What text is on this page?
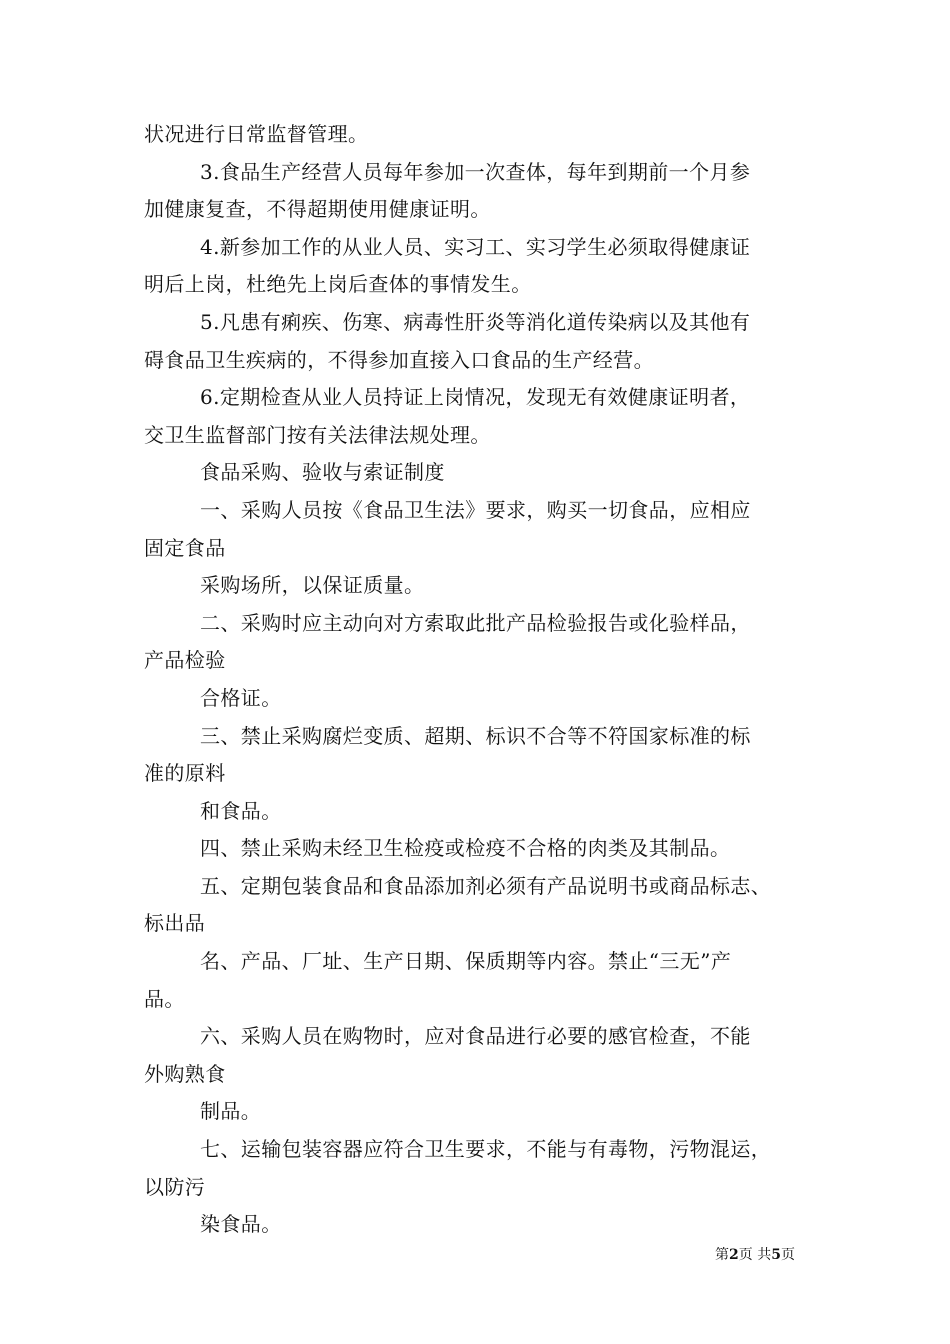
状况进行日常监督管理。
3.食品生产经营人员每年参加一次查体，每年到期前一个月参
加健康复查，不得超期使用健康证明。
4.新参加工作的从业人员、实习工、实习学生必须取得健康证
明后上岗，杜绝先上岗后查体的事情发生。
5.凡患有痢疾、伤寒、病毒性肝炎等消化道传染病以及其他有
碍食品卫生疾病的，不得参加直接入口食品的生产经营。
6.定期检查从业人员持证上岗情况，发现无有效健康证明者，
交卫生监督部门按有关法律法规处理。
食品采购、验收与索证制度
一、采购人员按《食品卫生法》要求，购买一切食品，应相应
固定食品
采购场所，以保证质量。
二、采购时应主动向对方索取此批产品检验报告或化验样品，
产品检验
合格证。
三、禁止采购腐烂变质、超期、标识不合等不符国家标准的标
准的原料
和食品。
四、禁止采购未经卫生检疫或检疫不合格的肉类及其制品。
五、定期包装食品和食品添加剂必须有产品说明书或商品标志、
标出品
名、产品、厂址、生产日期、保质期等内容。禁止“三无”产
品。
六、采购人员在购物时，应对食品进行必要的感官检查，不能
外购熟食
制品。
七、运输包装容器应符合卫生要求，不能与有毒物，污物混运，
以防污
染食品。
第2页 共5页
